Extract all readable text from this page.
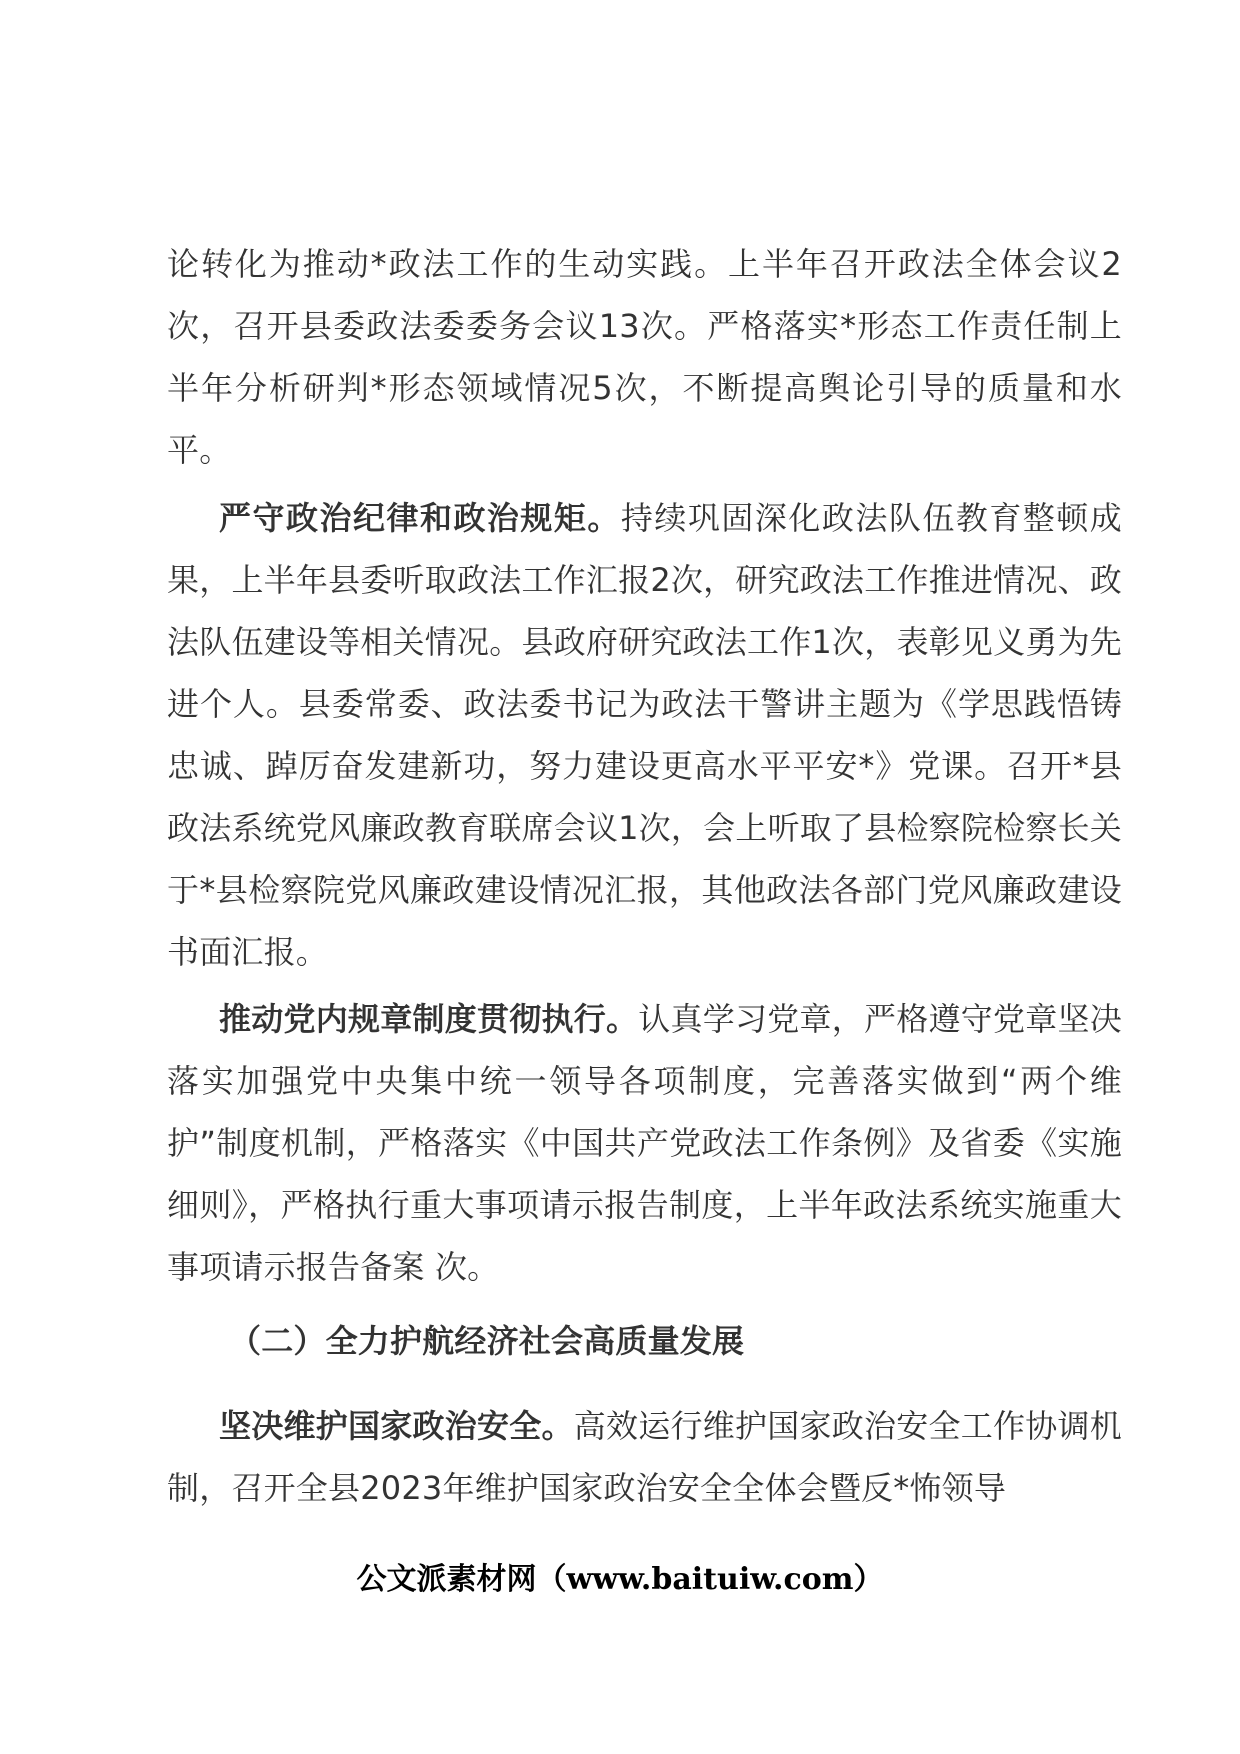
论转化为推动*政法工作的生动实践。上半年召开政法全体会议2次，召开县委政法委委务会议13次。严格落实*形态工作责任制上半年分析研判*形态领域情况5次，不断提高舆论引导的质量和水平。

严守政治纪律和政治规矩。持续巩固深化政法队伍教育整顿成果，上半年县委听取政法工作汇报2次，研究政法工作推进情况、政法队伍建设等相关情况。县政府研究政法工作1次，表彰见义勇为先进个人。县委常委、政法委书记为政法干警讲主题为《学思践悟铸忠诚、踔厉奋发建新功，努力建设更高水平平安*》党课。召开*县政法系统党风廉政教育联席会议1次，会上听取了县检察院检察长关于*县检察院党风廉政建设情况汇报，其他政法各部门党风廉政建设书面汇报。

推动党内规章制度贯彻执行。认真学习党章，严格遵守党章坚决落实加强党中央集中统一领导各项制度，完善落实做到“两个维护”制度机制，严格落实《中国共产党政法工作条例》及省委《实施细则》，严格执行重大事项请示报告制度，上半年政法系统实施重大事项请示报告备案 次。

（二）全力护航经济社会高质量发展

坚决维护国家政治安全。高效运行维护国家政治安全工作协调机制，召开全县2023年维护国家政治安全全体会暨反*怖领导

公文派素材网（www.baituiw.com）
